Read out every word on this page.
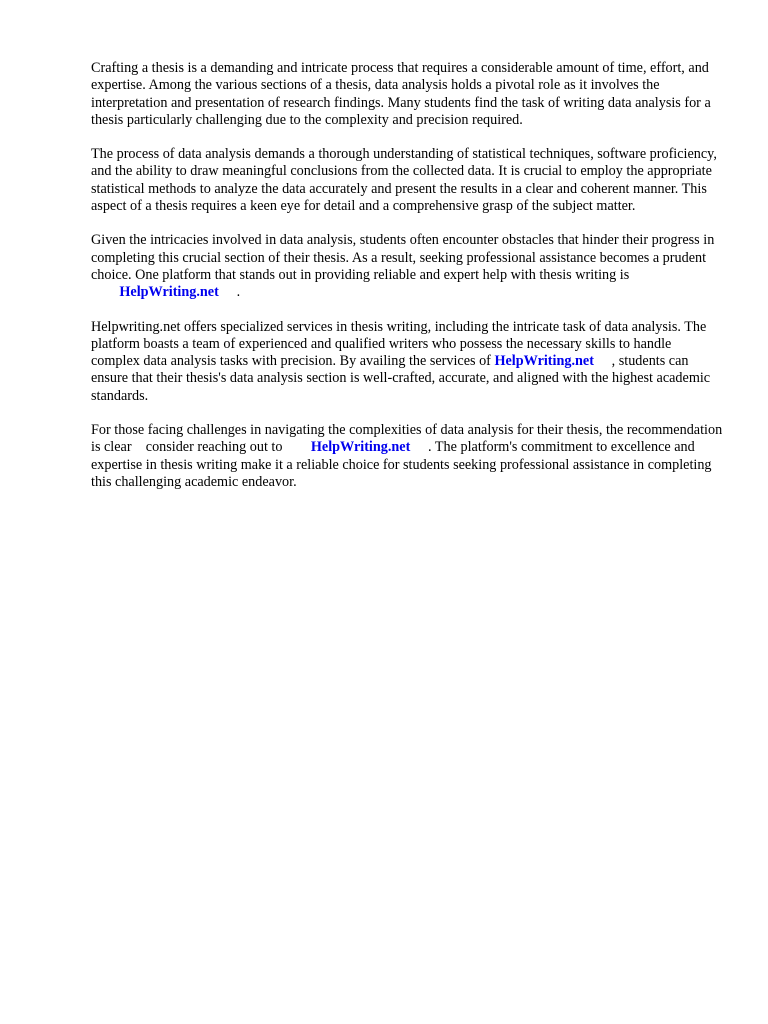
Crafting a thesis is a demanding and intricate process that requires a considerable amount of time, effort, and expertise. Among the various sections of a thesis, data analysis holds a pivotal role as it involves the interpretation and presentation of research findings. Many students find the task of writing data analysis for a thesis particularly challenging due to the complexity and precision required.

The process of data analysis demands a thorough understanding of statistical techniques, software proficiency, and the ability to draw meaningful conclusions from the collected data. It is crucial to employ the appropriate statistical methods to analyze the data accurately and present the results in a clear and coherent manner. This aspect of a thesis requires a keen eye for detail and a comprehensive grasp of the subject matter.

Given the intricacies involved in data analysis, students often encounter obstacles that hinder their progress in completing this crucial section of their thesis. As a result, seeking professional assistance becomes a prudent choice. One platform that stands out in providing reliable and expert help with thesis writing is        HelpWriting.net .

Helpwriting.net offers specialized services in thesis writing, including the intricate task of data analysis. The platform boasts a team of experienced and qualified writers who possess the necessary skills to handle complex data analysis tasks with precision. By availing the services of HelpWriting.net , students can ensure that their thesis's data analysis section is well-crafted, accurate, and aligned with the highest academic standards.

For those facing challenges in navigating the complexities of data analysis for their thesis, the recommendation is clear consider reaching out to HelpWriting.net . The platform's commitment to excellence and expertise in thesis writing make it a reliable choice for students seeking professional assistance in completing this challenging academic endeavor.
